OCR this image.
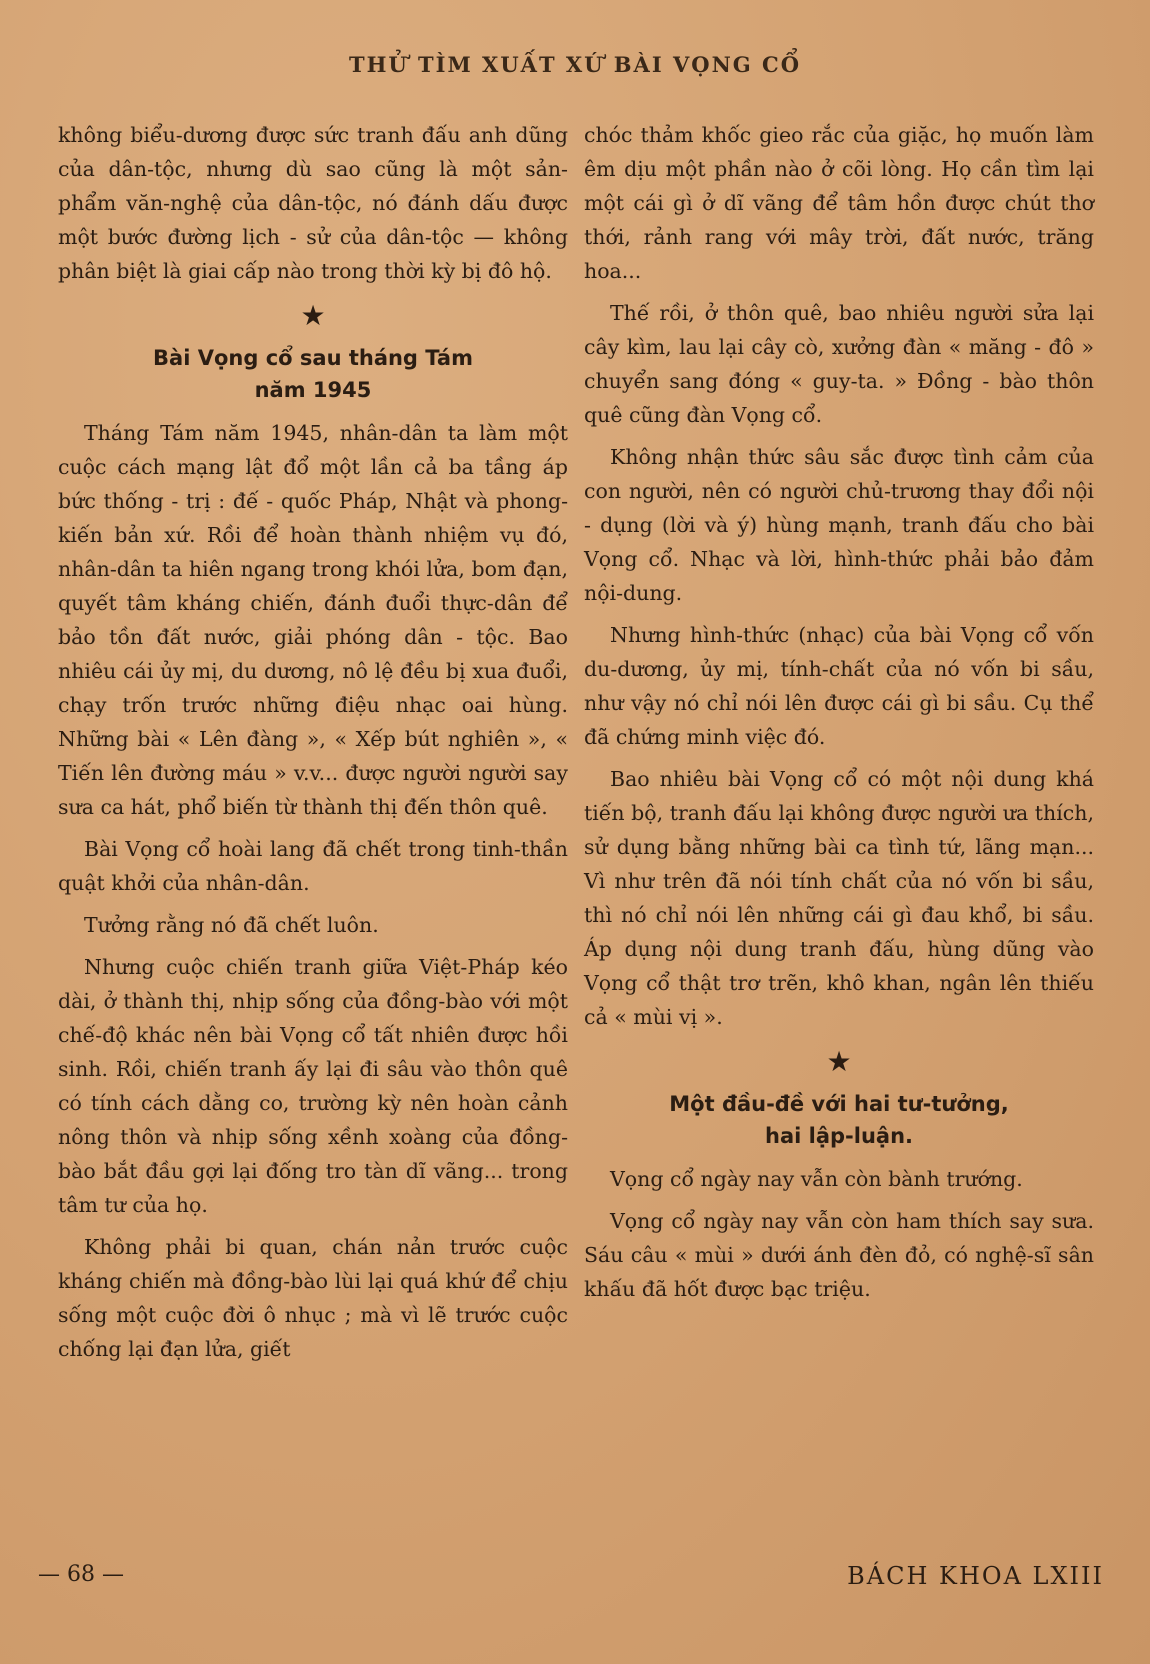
THỬ TÌM XUẤT XỨ BÀI VỌNG CỔ

không biểu-dương được sức tranh đấu anh dũng của dân-tộc, nhưng dù sao cũng là một sản-phẩm văn-nghệ của dân-tộc, nó đánh dấu được một bước đường lịch - sử của dân-tộc — không phân biệt là giai cấp nào trong thời kỳ bị đô hộ.

★
Bài Vọng cổ sau tháng Tám
năm 1945

Tháng Tám năm 1945, nhân-dân ta làm một cuộc cách mạng lật đổ một lần cả ba tầng áp bức thống - trị : đế - quốc Pháp, Nhật và phong-kiến bản xứ. Rồi để hoàn thành nhiệm vụ đó, nhân-dân ta hiên ngang trong khói lửa, bom đạn, quyết tâm kháng chiến, đánh đuổi thực-dân để bảo tồn đất nước, giải phóng dân - tộc. Bao nhiêu cái ủy mị, du dương, nô lệ đều bị xua đuổi, chạy trốn trước những điệu nhạc oai hùng. Những bài « Lên đàng », « Xếp bút nghiên », « Tiến lên đường máu » v.v... được người người say sưa ca hát, phổ biến từ thành thị đến thôn quê.

Bài Vọng cổ hoài lang đã chết trong tinh-thần quật khởi của nhân-dân.

Tưởng rằng nó đã chết luôn.

Nhưng cuộc chiến tranh giữa Việt-Pháp kéo dài, ở thành thị, nhịp sống của đồng-bào với một chế-độ khác nên bài Vọng cổ tất nhiên được hồi sinh. Rồi, chiến tranh ấy lại đi sâu vào thôn quê có tính cách dằng co, trường kỳ nên hoàn cảnh nông thôn và nhịp sống xềnh xoàng của đồng-bào bắt đầu gợi lại đống tro tàn dĩ vãng... trong tâm tư của họ.

Không phải bi quan, chán nản trước cuộc kháng chiến mà đồng-bào lùi lại quá khứ để chịu sống một cuộc đời ô nhục ; mà vì lẽ trước cuộc chống lại đạn lửa, giết

chóc thảm khốc gieo rắc của giặc, họ muốn làm êm dịu một phần nào ở cõi lòng. Họ cần tìm lại một cái gì ở dĩ vãng để tâm hồn được chút thơ thới, rảnh rang với mây trời, đất nước, trăng hoa...

Thế rồi, ở thôn quê, bao nhiêu người sửa lại cây kìm, lau lại cây cò, xưởng đàn « măng - đô » chuyển sang đóng « guy-ta. » Đồng - bào thôn quê cũng đàn Vọng cổ.

Không nhận thức sâu sắc được tình cảm của con người, nên có người chủ-trương thay đổi nội - dụng (lời và ý) hùng mạnh, tranh đấu cho bài Vọng cổ. Nhạc và lời, hình-thức phải bảo đảm nội-dung.

Nhưng hình-thức (nhạc) của bài Vọng cổ vốn du-dương, ủy mị, tính-chất của nó vốn bi sầu, như vậy nó chỉ nói lên được cái gì bi sầu. Cụ thể đã chứng minh việc đó.

Bao nhiêu bài Vọng cổ có một nội dung khá tiến bộ, tranh đấu lại không được người ưa thích, sử dụng bằng những bài ca tình tứ, lãng mạn... Vì như trên đã nói tính chất của nó vốn bi sầu, thì nó chỉ nói lên những cái gì đau khổ, bi sầu. Áp dụng nội dung tranh đấu, hùng dũng vào Vọng cổ thật trơ trẽn, khô khan, ngân lên thiếu cả « mùi vị ».

★
Một đầu-đề với hai tư-tưởng,
hai lập-luận.

Vọng cổ ngày nay vẫn còn bành trướng.

Vọng cổ ngày nay vẫn còn ham thích say sưa. Sáu câu « mùi » dưới ánh đèn đỏ, có nghệ-sĩ sân khấu đã hốt được bạc triệu.

— 68 —	BÁCH KHOA LXIII
